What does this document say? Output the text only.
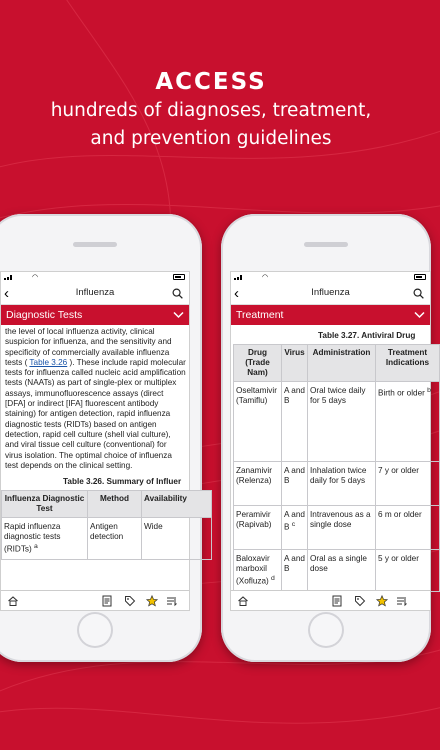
ACCESS
hundreds of diagnoses, treatment,
and prevention guidelines
◠
‹	Influenza
Diagnostic Tests
the level of local influenza activity, clinical suspicion for influenza, and the sensitivity and specificity of commercially available influenza tests ( Table 3.26 ). These include rapid molecular tests for influenza called nucleic acid amplification tests (NAATs) as part of single-plex or multiplex assays, immunofluorescence assays (direct [DFA] or indirect [IFA] fluorescent antibody staining) for antigen detection, rapid influenza diagnostic tests (RIDTs) based on antigen detection, rapid cell culture (shell vial culture), and viral tissue cell culture (conventional) for virus isolation. The optimal choice of influenza test depends on the clinical setting.
Table 3.26. Summary of Influer
Influenza Diagnostic Test	Method	Availability
Rapid influenza diagnostic tests (RIDTs) $^a$	Antigen detection	Wide
◠
‹	Influenza
Treatment
Table 3.27. Antiviral Drug
Drug (Trade Nam)	Virus	Administration	Treatment Indications
Oseltamivir (Tamiflu)	A and B	Oral twice daily for 5 days	Birth or older $^b$
Zanamivir (Relenza)	A and B	Inhalation twice daily for 5 days	7 y or older
Peramivir (Rapivab)	A and B $^c$	Intravenous as a single dose	6 m or older
Baloxavir marboxil (Xofluza) $^d$	A and B	Oral as a single dose	5 y or older
